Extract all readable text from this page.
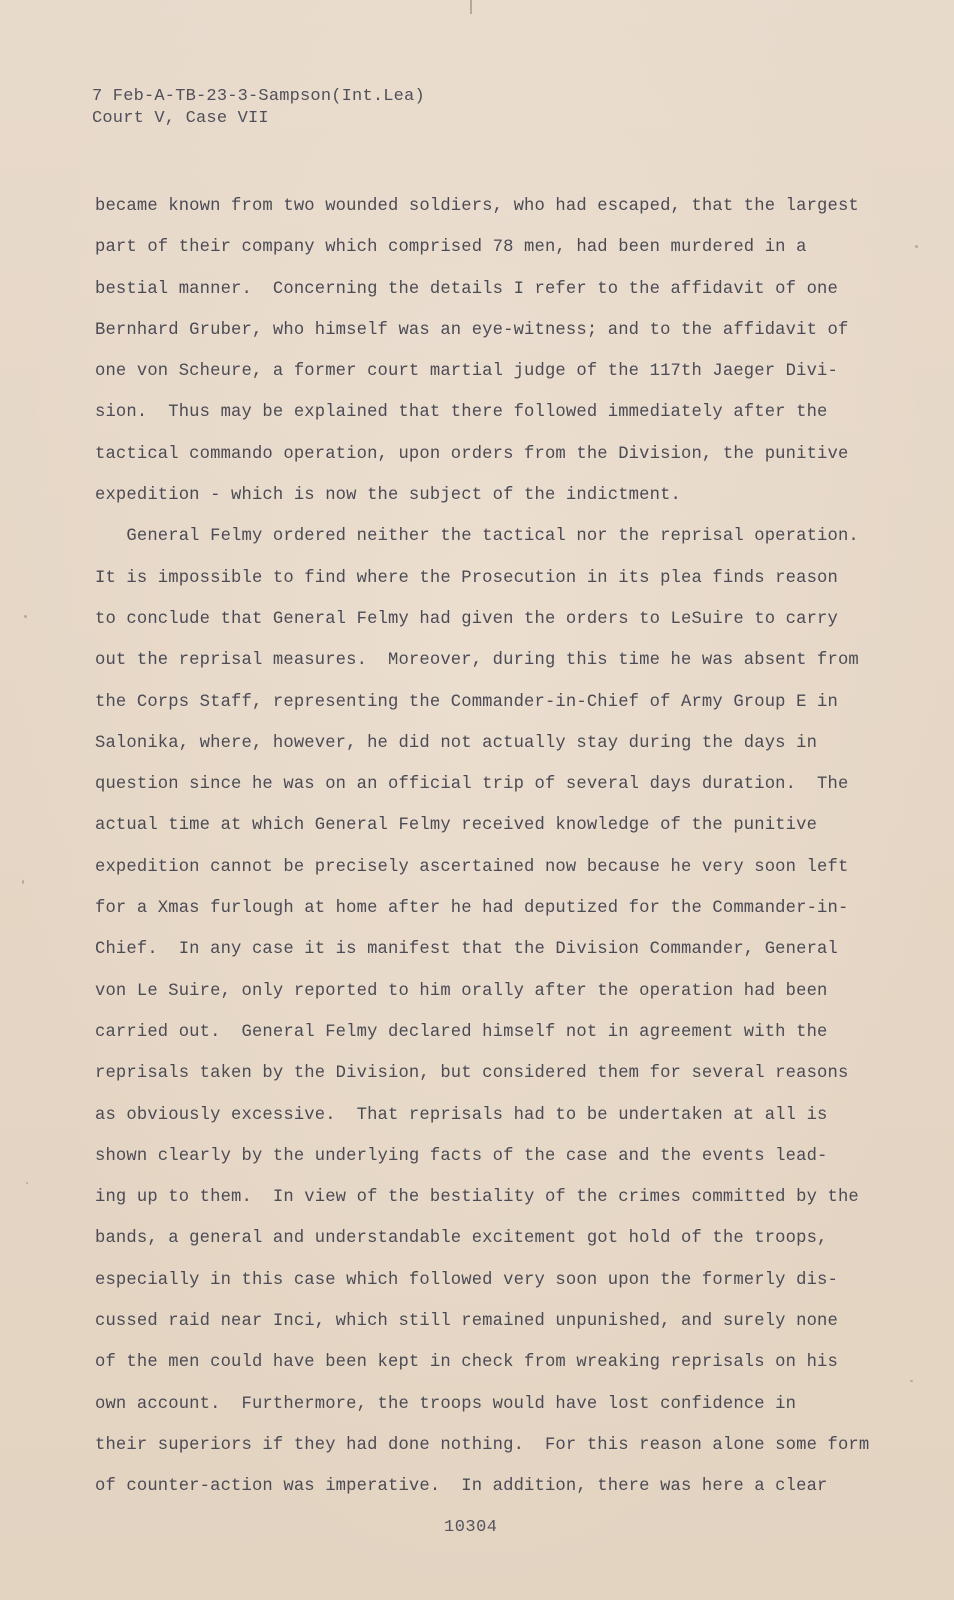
7 Feb-A-TB-23-3-Sampson(Int.Lea)
Court V, Case VII
became known from two wounded soldiers, who had escaped, that the largest
part of their company which comprised 78 men, had been murdered in a
bestial manner.  Concerning the details I refer to the affidavit of one
Bernhard Gruber, who himself was an eye-witness; and to the affidavit of
one von Scheure, a former court martial judge of the 117th Jaeger Divi-
sion.  Thus may be explained that there followed immediately after the
tactical commando operation, upon orders from the Division, the punitive
expedition - which is now the subject of the indictment.
General Felmy ordered neither the tactical nor the reprisal operation.
It is impossible to find where the Prosecution in its plea finds reason
to conclude that General Felmy had given the orders to LeSuire to carry
out the reprisal measures.  Moreover, during this time he was absent from
the Corps Staff, representing the Commander-in-Chief of Army Group E in
Salonika, where, however, he did not actually stay during the days in
question since he was on an official trip of several days duration.  The
actual time at which General Felmy received knowledge of the punitive
expedition cannot be precisely ascertained now because he very soon left
for a Xmas furlough at home after he had deputized for the Commander-in-
Chief.  In any case it is manifest that the Division Commander, General
von Le Suire, only reported to him orally after the operation had been
carried out.  General Felmy declared himself not in agreement with the
reprisals taken by the Division, but considered them for several reasons
as obviously excessive.  That reprisals had to be undertaken at all is
shown clearly by the underlying facts of the case and the events lead-
ing up to them.  In view of the bestiality of the crimes committed by the
bands, a general and understandable excitement got hold of the troops,
especially in this case which followed very soon upon the formerly dis-
cussed raid near Inci, which still remained unpunished, and surely none
of the men could have been kept in check from wreaking reprisals on his
own account.  Furthermore, the troops would have lost confidence in
their superiors if they had done nothing.  For this reason alone some form
of counter-action was imperative.  In addition, there was here a clear
10304
